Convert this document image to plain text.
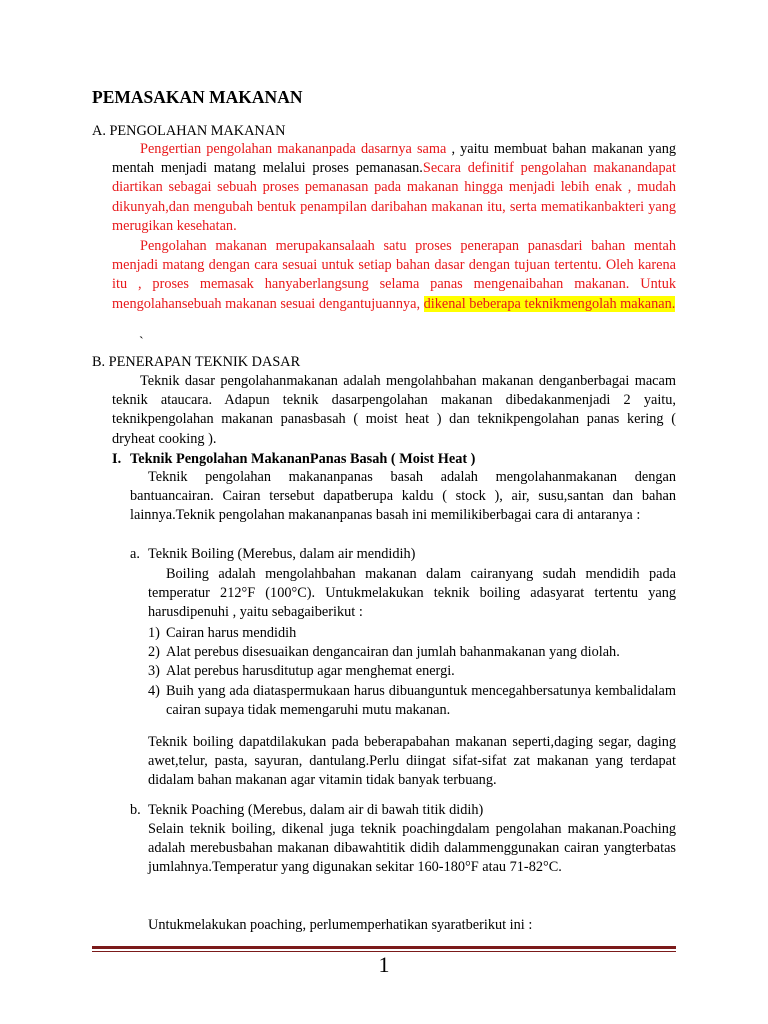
PEMASAKAN MAKANAN
A. PENGOLAHAN MAKANAN
Pengertian pengolahan makananpada dasarnya sama , yaitu membuat bahan makanan yang mentah menjadi matang melalui proses pemanasan.Secara definitif pengolahan makanandapat diartikan sebagai sebuah proses pemanasan pada makanan hingga menjadi lebih enak , mudah dikunyah,dan mengubah bentuk penampilan daribahan makanan itu, serta mematikanbakteri yang merugikan kesehatan.
Pengolahan makanan merupakansalaah satu proses penerapan panasdari bahan mentah menjadi matang dengan cara sesuai untuk setiap bahan dasar dengan tujuan tertentu. Oleh karena itu , proses memasak hanyaberlangsung selama panas mengenaibahan makanan. Untuk mengolahansebuah makanan sesuai dengantujuannya, dikenal beberapa teknikmengolah makanan.
`
B. PENERAPAN TEKNIK DASAR
Teknik dasar pengolahanmakanan adalah mengolahbahan makanan denganberbagai macam teknik ataucara. Adapun teknik dasarpengolahan makanan dibedakanmenjadi 2 yaitu, teknikpengolahan makanan panasbasah ( moist heat ) dan teknikpengolahan panas kering ( dryheat cooking ).
I. Teknik Pengolahan MakananPanas Basah ( Moist Heat )
Teknik pengolahan makananpanas basah adalah mengolahanmakanan dengan bantuancairan. Cairan tersebut dapatberupa kaldu ( stock ), air, susu,santan dan bahan lainnya.Teknik pengolahan makananpanas basah ini memilikiberbagai cara di antaranya :
a. Teknik Boiling (Merebus, dalam air mendidih)
Boiling adalah mengolahbahan makanan dalam cairanyang sudah mendidih pada temperatur 212°F (100°C). Untukmelakukan teknik boiling adasyarat tertentu yang harusdipenuhi , yaitu sebagaiberikut :
1) Cairan harus mendidih
2) Alat perebus disesuaikan dengancairan dan jumlah bahanmakanan yang diolah.
3) Alat perebus harusditutup agar menghemat energi.
4) Buih yang ada diataspermukaan harus dibuanguntuk mencegahbersatunya kembalidalam cairan supaya tidak memengaruhi mutu makanan.
Teknik boiling dapatdilakukan pada beberapabahan makanan seperti,daging segar, daging awet,telur, pasta, sayuran, dantulang.Perlu diingat sifat-sifat zat makanan yang terdapat didalam bahan makanan agar vitamin tidak banyak terbuang.
b. Teknik Poaching (Merebus, dalam air di bawah titik didih)
Selain teknik boiling, dikenal juga teknik poachingdalam pengolahan makanan.Poaching adalah merebusbahan makanan dibawahtitik didih dalammenggunakan cairan yangterbatas jumlahnya.Temperatur yang digunakan sekitar 160-180°F atau 71-82°C.
Untukmelakukan poaching, perlumemperhatikan syaratberikut ini :
1
